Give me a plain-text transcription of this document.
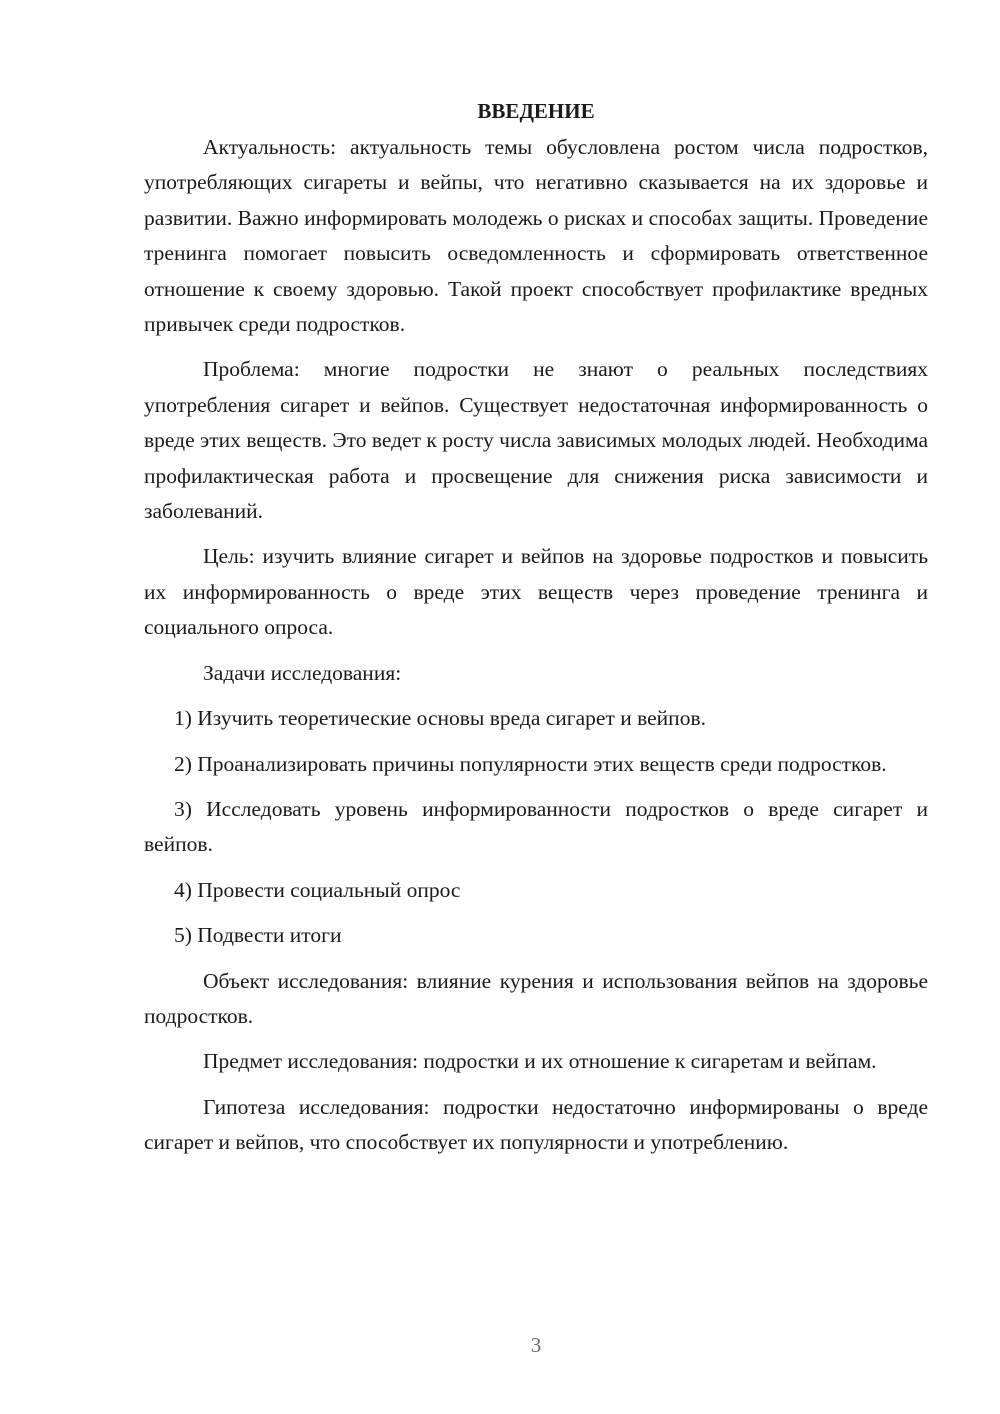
ВВЕДЕНИЕ

Актуальность: актуальность темы обусловлена ростом числа подростков, употребляющих сигареты и вейпы, что негативно сказывается на их здоровье и развитии. Важно информировать молодежь о рисках и способах защиты. Проведение тренинга помогает повысить осведомленность и сформировать ответственное отношение к своему здоровью. Такой проект способствует профилактике вредных привычек среди подростков.

Проблема: многие подростки не знают о реальных последствиях употребления сигарет и вейпов. Существует недостаточная информированность о вреде этих веществ. Это ведет к росту числа зависимых молодых людей. Необходима профилактическая работа и просвещение для снижения риска зависимости и заболеваний.

Цель: изучить влияние сигарет и вейпов на здоровье подростков и повысить их информированность о вреде этих веществ через проведение тренинга и социального опроса.

Задачи исследования:

1) Изучить теоретические основы вреда сигарет и вейпов.

2) Проанализировать причины популярности этих веществ среди подростков.

3) Исследовать уровень информированности подростков о вреде сигарет и вейпов.

4) Провести социальный опрос

5) Подвести итоги

Объект исследования: влияние курения и использования вейпов на здоровье подростков.

Предмет исследования: подростки и их отношение к сигаретам и вейпам.

Гипотеза исследования: подростки недостаточно информированы о вреде сигарет и вейпов, что способствует их популярности и употреблению.

3
